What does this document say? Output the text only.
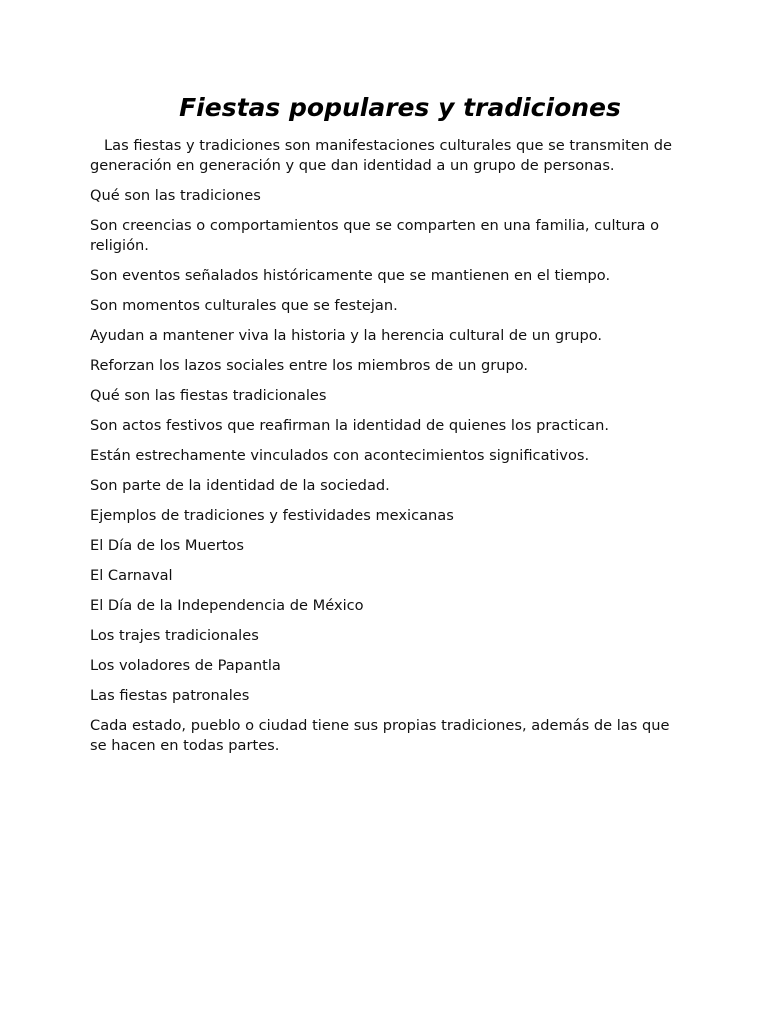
Fiestas populares y tradiciones

Las fiestas y tradiciones son manifestaciones culturales que se transmiten de generación en generación y que dan identidad a un grupo de personas.

Qué son las tradiciones

Son creencias o comportamientos que se comparten en una familia, cultura o religión.

Son eventos señalados históricamente que se mantienen en el tiempo.

Son momentos culturales que se festejan.

Ayudan a mantener viva la historia y la herencia cultural de un grupo.

Reforzan los lazos sociales entre los miembros de un grupo.

Qué son las fiestas tradicionales

Son actos festivos que reafirman la identidad de quienes los practican.

Están estrechamente vinculados con acontecimientos significativos.

Son parte de la identidad de la sociedad.

Ejemplos de tradiciones y festividades mexicanas

El Día de los Muertos

El Carnaval

El Día de la Independencia de México

Los trajes tradicionales

Los voladores de Papantla

Las fiestas patronales

Cada estado, pueblo o ciudad tiene sus propias tradiciones, además de las que se hacen en todas partes.
